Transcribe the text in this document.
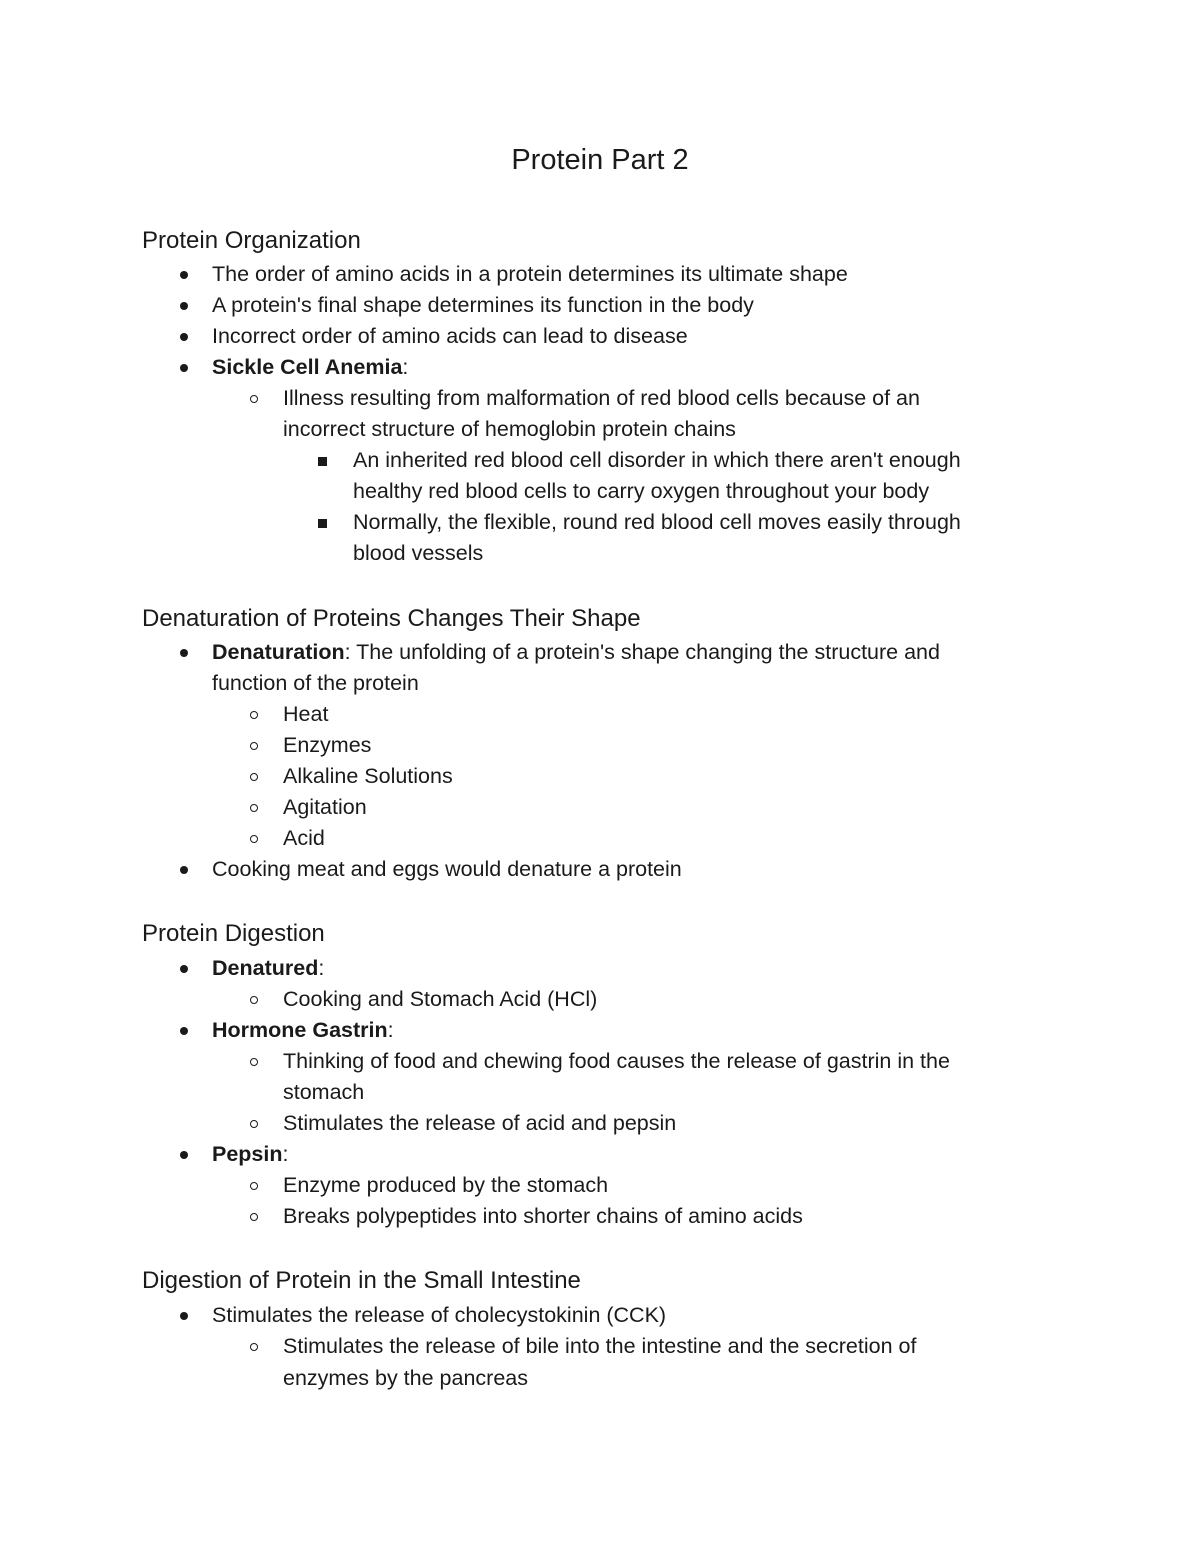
Protein Part 2
Protein Organization
The order of amino acids in a protein determines its ultimate shape
A protein's final shape determines its function in the body
Incorrect order of amino acids can lead to disease
Sickle Cell Anemia:
Illness resulting from malformation of red blood cells because of an
incorrect structure of hemoglobin protein chains
An inherited red blood cell disorder in which there aren't enough
healthy red blood cells to carry oxygen throughout your body
Normally, the flexible, round red blood cell moves easily through
blood vessels
Denaturation of Proteins Changes Their Shape
Denaturation: The unfolding of a protein's shape changing the structure and
function of the protein
Heat
Enzymes
Alkaline Solutions
Agitation
Acid
Cooking meat and eggs would denature a protein
Protein Digestion
Denatured:
Cooking and Stomach Acid (HCl)
Hormone Gastrin:
Thinking of food and chewing food causes the release of gastrin in the
stomach
Stimulates the release of acid and pepsin
Pepsin:
Enzyme produced by the stomach
Breaks polypeptides into shorter chains of amino acids
Digestion of Protein in the Small Intestine
Stimulates the release of cholecystokinin (CCK)
Stimulates the release of bile into the intestine and the secretion of
enzymes by the pancreas
